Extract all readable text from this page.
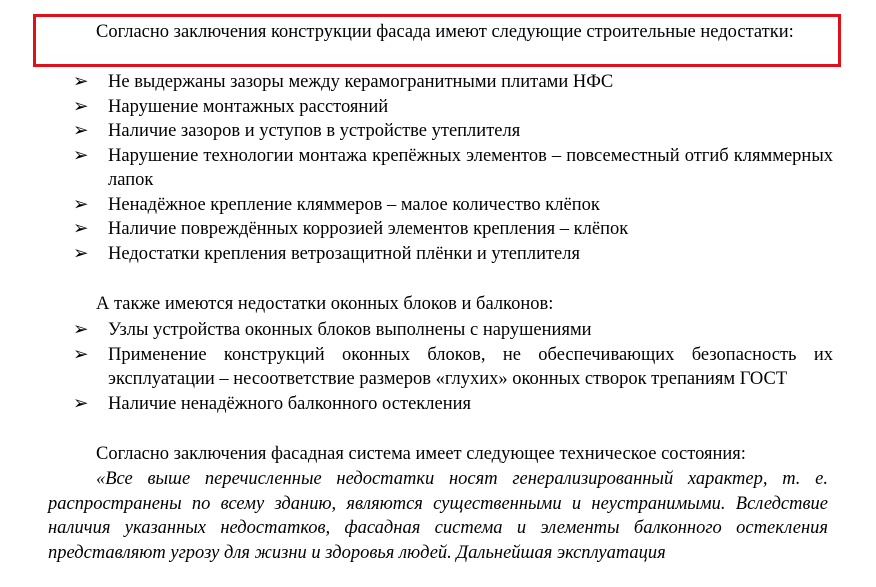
Согласно заключения конструкции фасада имеют следующие строительные недостатки:
➢ Не выдержаны зазоры между керамогранитными плитами НФС
➢ Нарушение монтажных расстояний
➢ Наличие зазоров и уступов в устройстве утеплителя
➢ Нарушение технологии монтажа крепёжных элементов – повсеместный отгиб кляммерных лапок
➢ Ненадёжное крепление кляммеров – малое количество клёпок
➢ Наличие повреждённых коррозией элементов крепления – клёпок
➢ Недостатки крепления ветрозащитной плёнки и утеплителя
А также имеются недостатки оконных блоков и балконов:
➢ Узлы устройства оконных блоков выполнены с нарушениями
➢ Применение конструкций оконных блоков, не обеспечивающих безопасность их эксплуатации – несоответствие размеров «глухих» оконных створок трепаниям ГОСТ
➢ Наличие ненадёжного балконного остекления
Согласно заключения фасадная система имеет следующее техническое состояния:
«Все выше перечисленные недостатки носят генерализированный характер, т. е. распространены по всему зданию, являются существенными и неустранимыми. Вследствие наличия указанных недостатков, фасадная система и элементы балконного остекления представляют угрозу для жизни и здоровья людей. Дальнейшая эксплуатация
